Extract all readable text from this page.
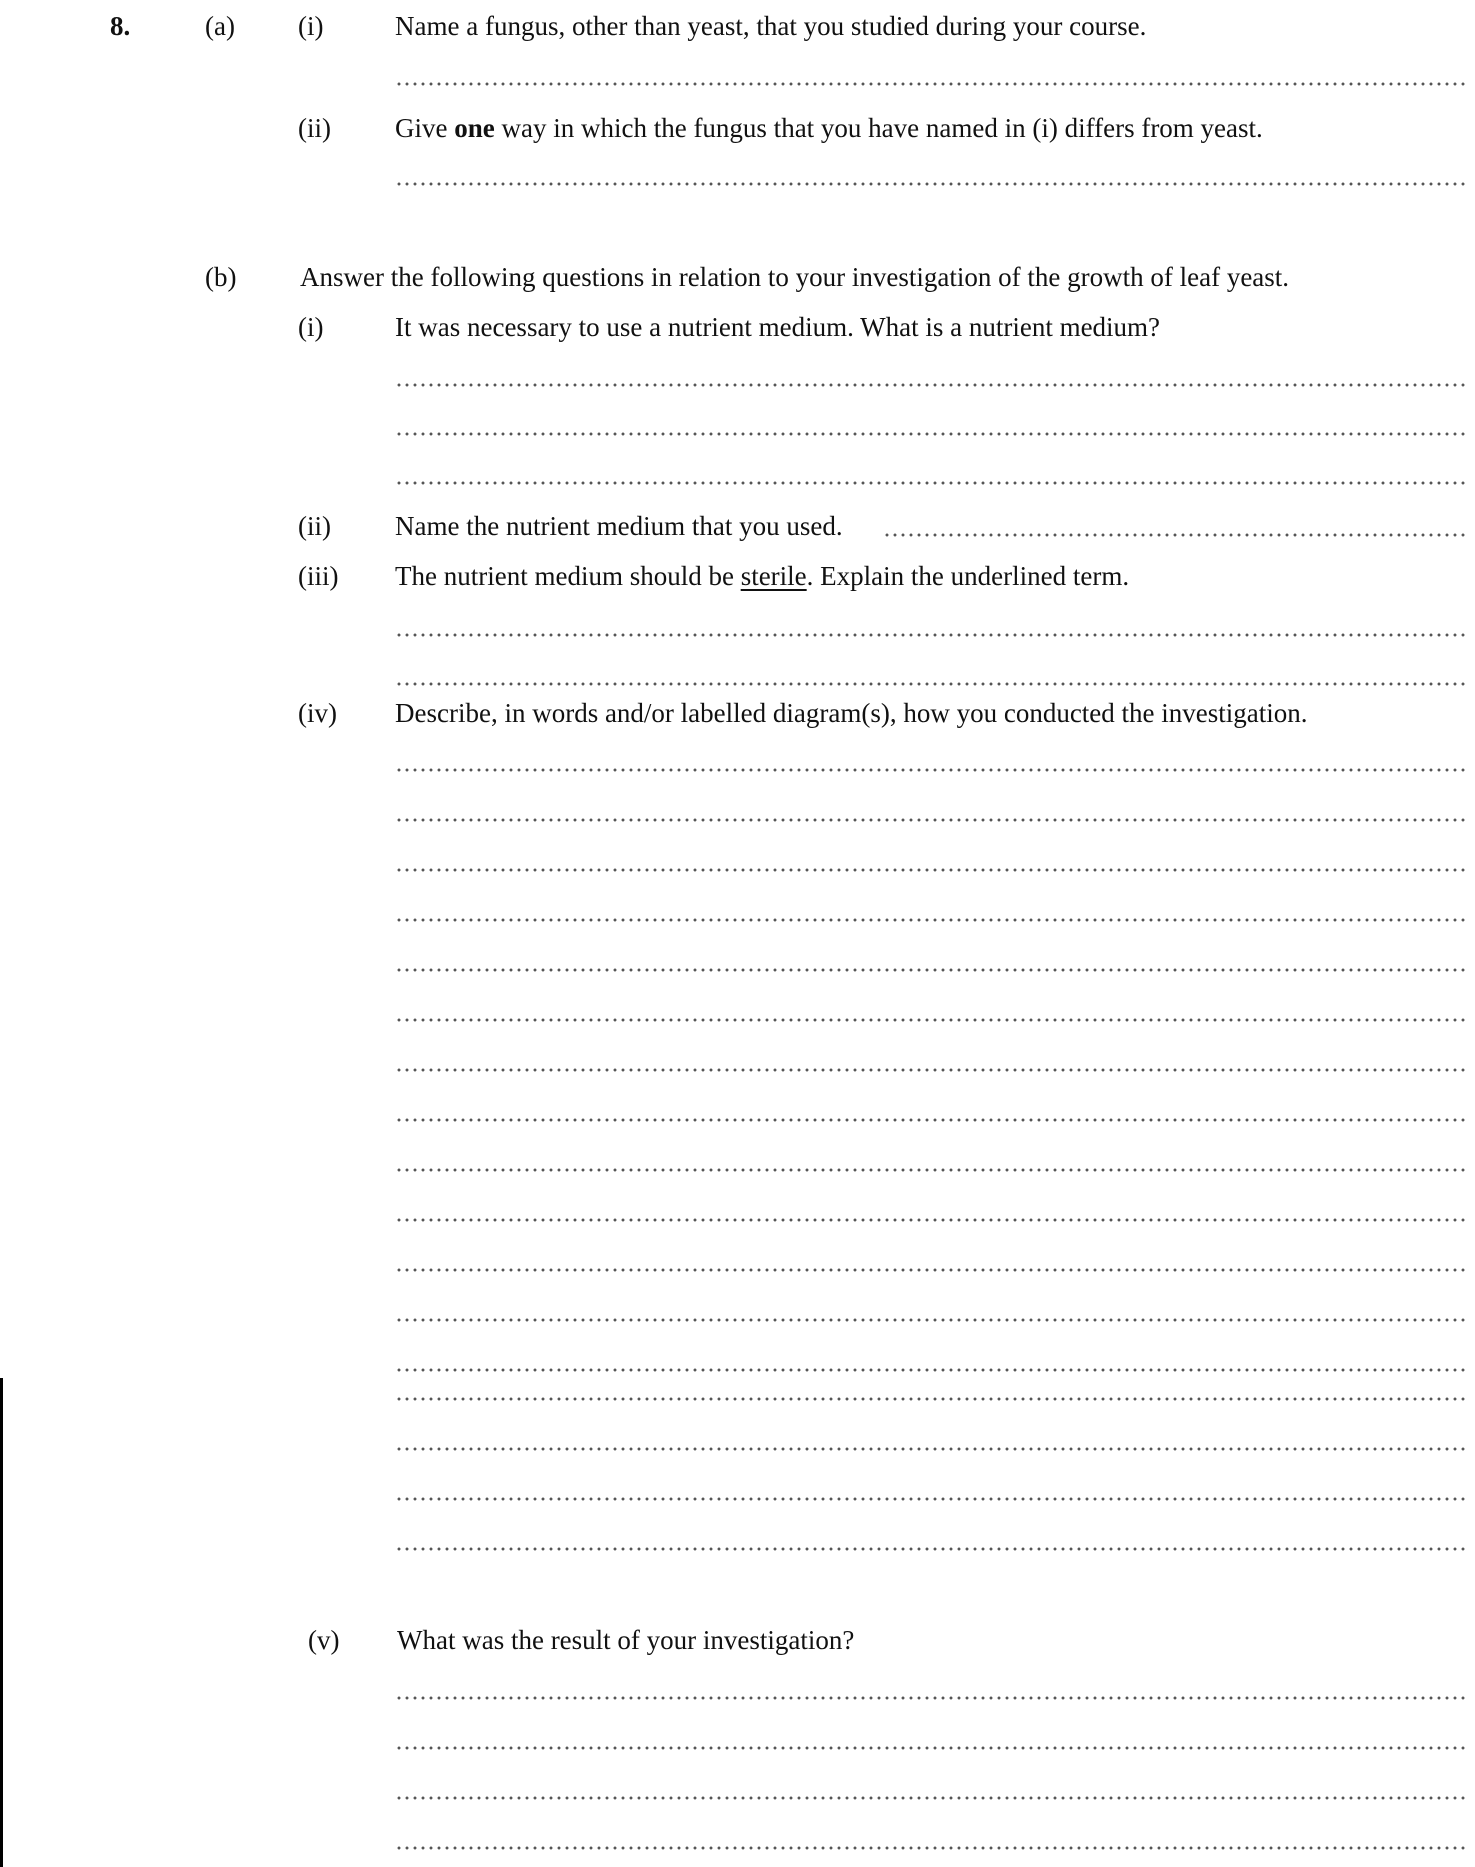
8.	(a) (i)	Name a fungus, other than yeast, that you studied during your course.
(ii) Give one way in which the fungus that you have named in (i) differs from yeast.
(b) Answer the following questions in relation to your investigation of the growth of leaf yeast.
(i)	It was necessary to use a nutrient medium. What is a nutrient medium?
(ii) Name the nutrient medium that you used.
(iii) The nutrient medium should be sterile. Explain the underlined term.
(iv) Describe, in words and/or labelled diagram(s), how you conducted the investigation.
(v) What was the result of your investigation?
